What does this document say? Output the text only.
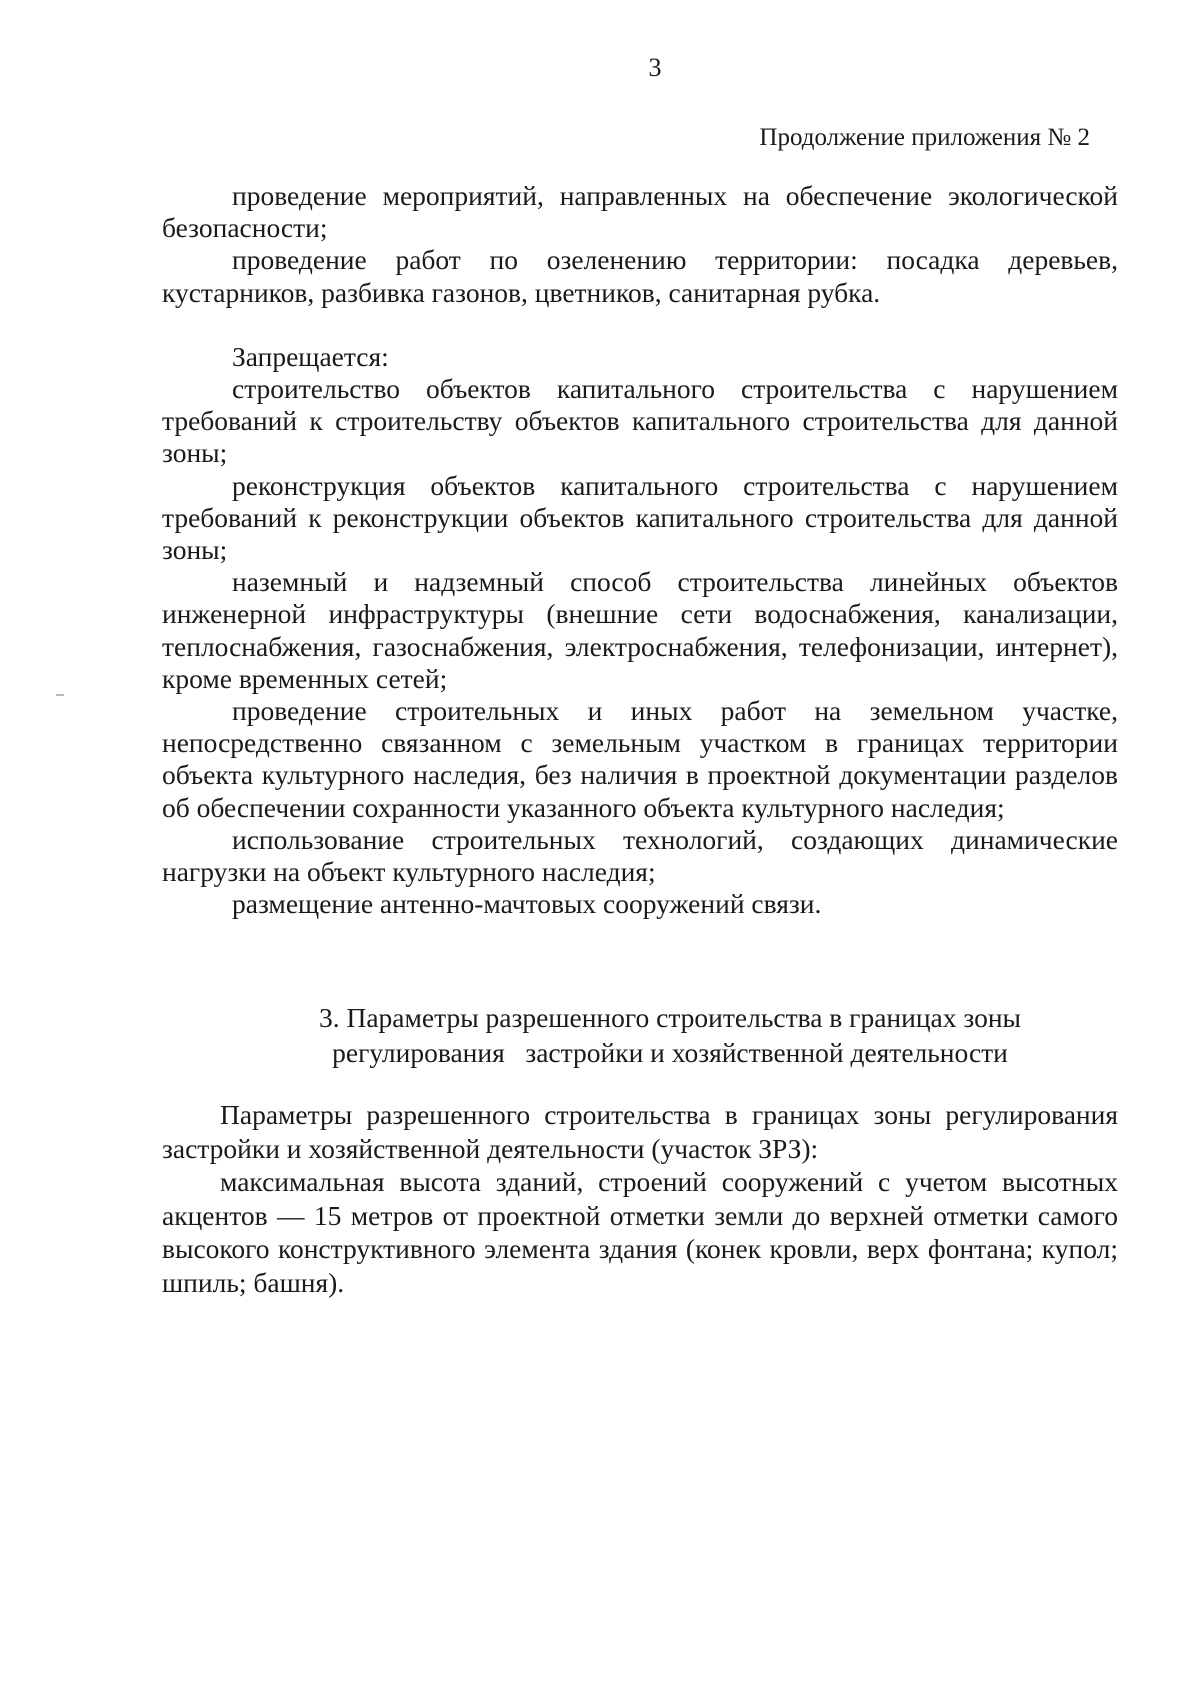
3
Продолжение приложения № 2

проведение мероприятий, направленных на обеспечение экологической безопасности;

проведение работ по озеленению территории: посадка деревьев, кустарников, разбивка газонов, цветников, санитарная рубка.

Запрещается:

строительство объектов капитального строительства с нарушением требований к строительству объектов капитального строительства для данной зоны;

реконструкция объектов капитального строительства с нарушением требований к реконструкции объектов капитального строительства для данной зоны;

наземный и надземный способ строительства линейных объектов инженерной инфраструктуры (внешние сети водоснабжения, канализации, теплоснабжения, газоснабжения, электроснабжения, телефонизации, интернет), кроме временных сетей;

проведение строительных и иных работ на земельном участке, непосредственно связанном с земельным участком в границах территории объекта культурного наследия, без наличия в проектной документации разделов об обеспечении сохранности указанного объекта культурного наследия;

использование строительных технологий, создающих динамические нагрузки на объект культурного наследия;

размещение антенно-мачтовых сооружений связи.

3. Параметры разрешенного строительства в границах зоны
регулирования   застройки и хозяйственной деятельности

Параметры разрешенного строительства в границах зоны регулирования застройки и хозяйственной деятельности (участок ЗРЗ):

максимальная высота зданий, строений сооружений с учетом высотных акцентов — 15 метров от проектной отметки земли до верхней отметки самого высокого конструктивного элемента здания (конек кровли, верх фонтана; купол; шпиль; башня).
